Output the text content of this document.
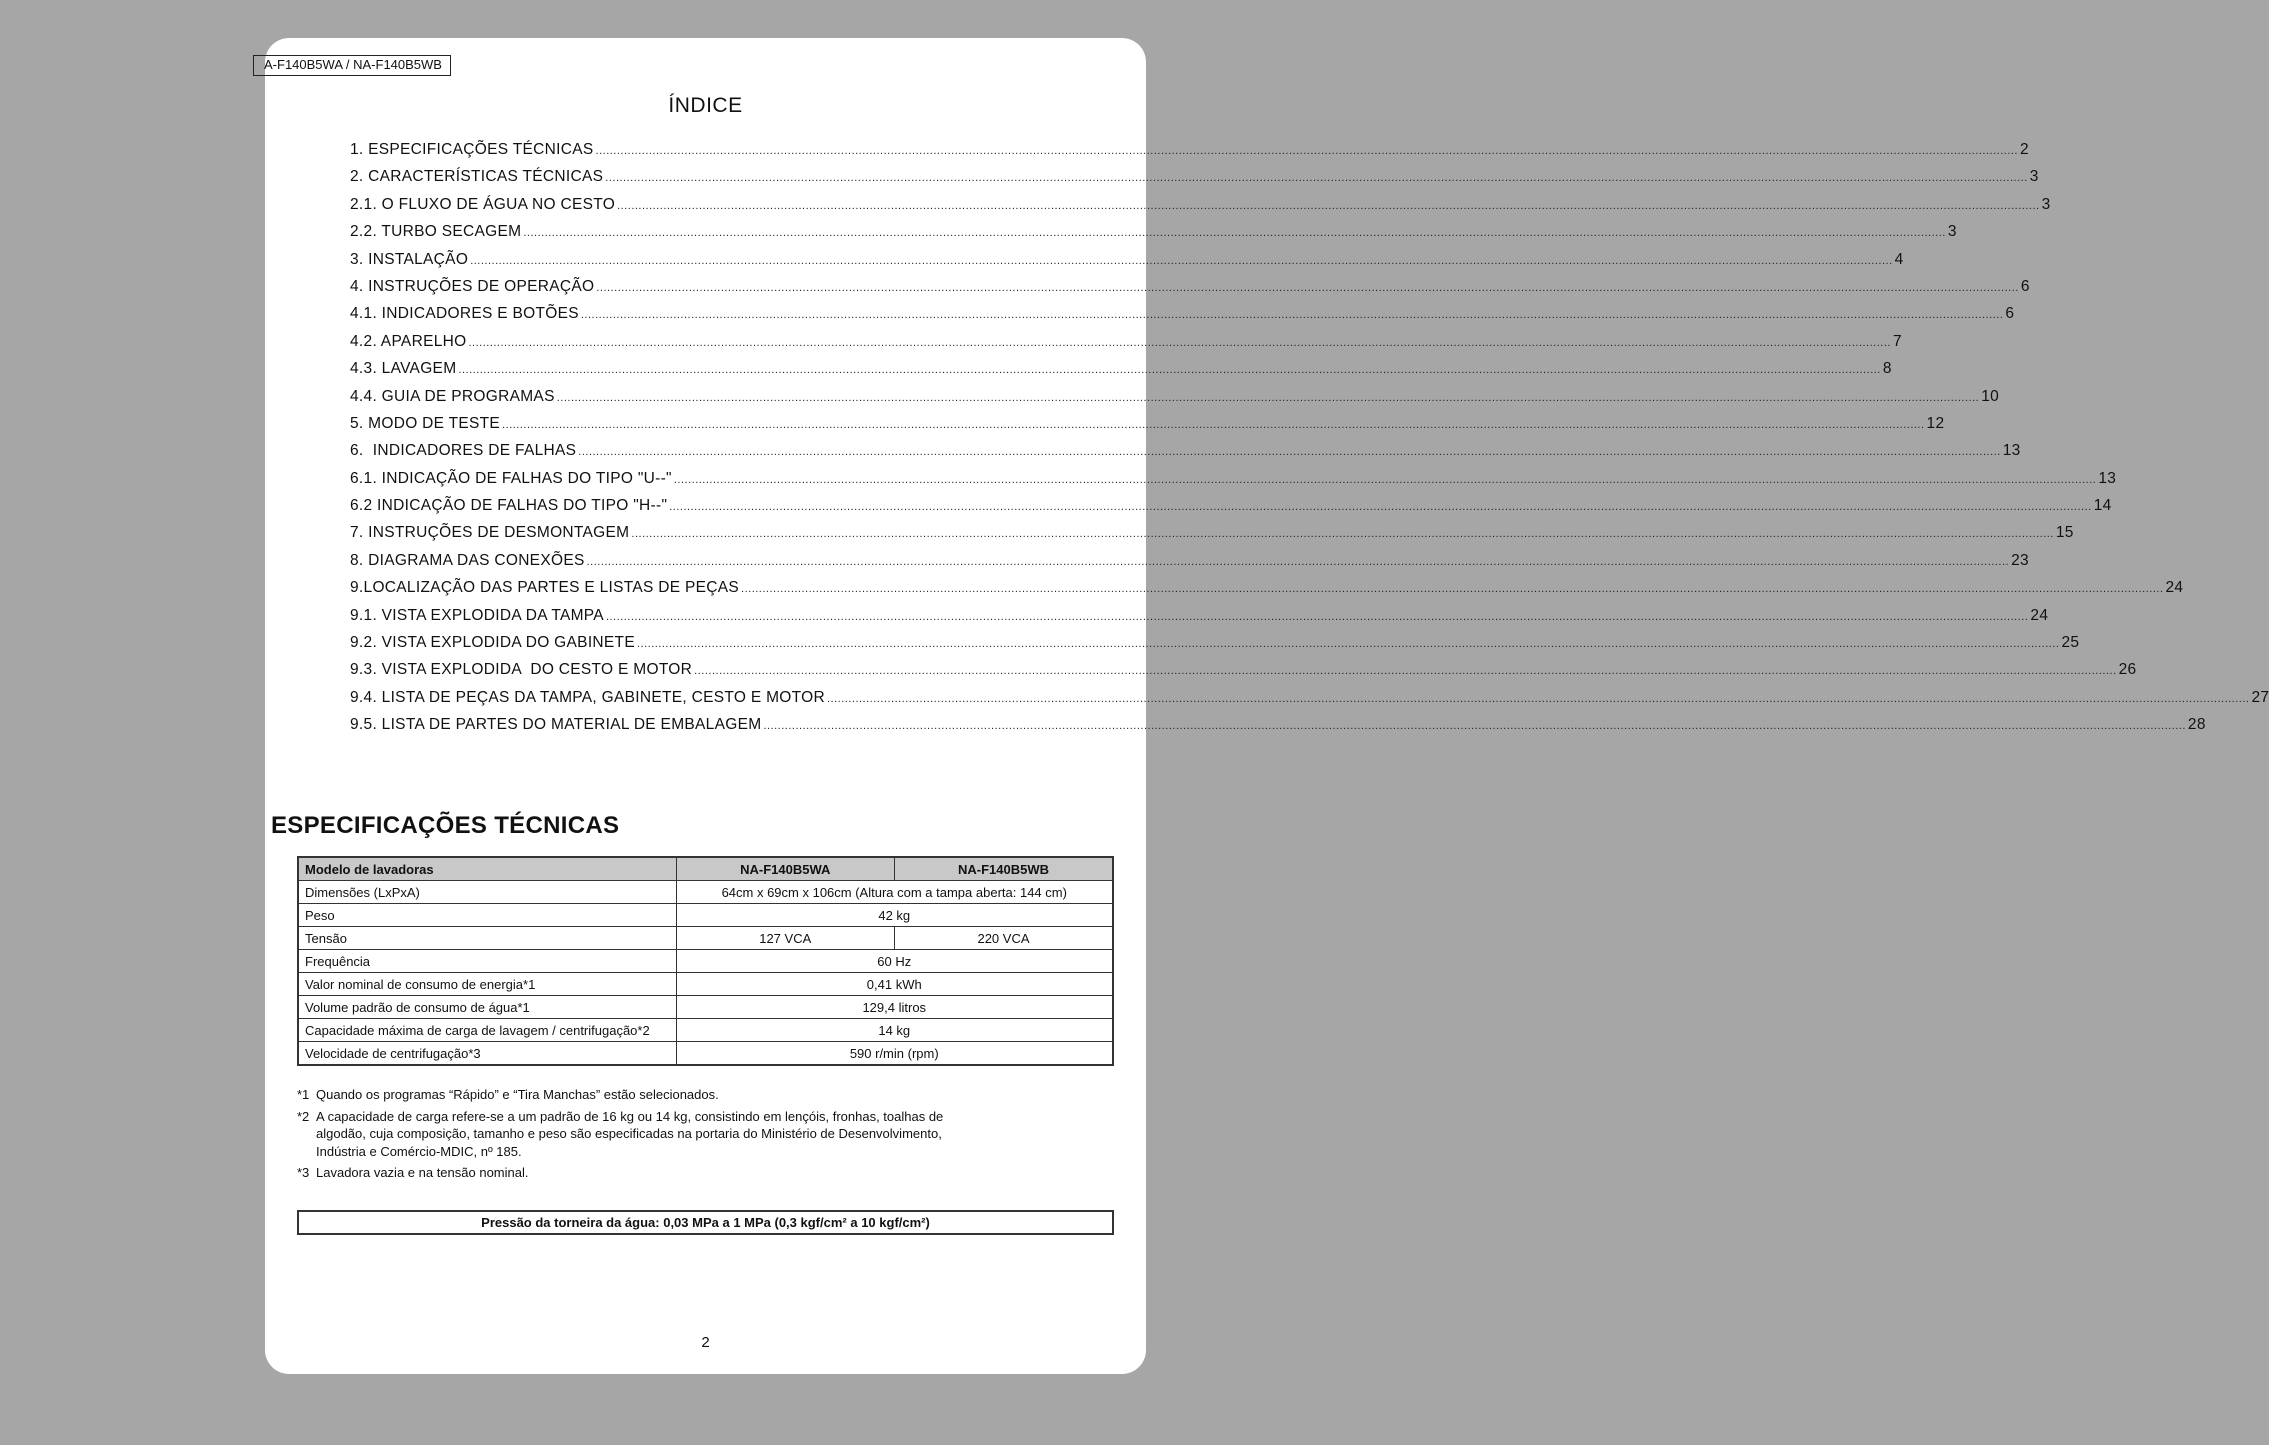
A-F140B5WA / NA-F140B5WB
ÍNDICE
1. ESPECIFICAÇÕES TÉCNICAS ................................................................................................................................................................................................................................................................................................................................................................................................................ 2
2. CARACTERÍSTICAS TÉCNICAS ................................................................................................................................................................................................................................................................................................................................................................................................................ 3
2.1. O FLUXO DE ÁGUA NO CESTO ................................................................................................................................................................................................................................................................................................................................................................................................................ 3
2.2. TURBO SECAGEM ................................................................................................................................................................................................................................................................................................................................................................................................................ 3
3. INSTALAÇÃO ................................................................................................................................................................................................................................................................................................................................................................................................................ 4
4. INSTRUÇÕES DE OPERAÇÃO ................................................................................................................................................................................................................................................................................................................................................................................................................ 6
4.1. INDICADORES E BOTÕES ................................................................................................................................................................................................................................................................................................................................................................................................................ 6
4.2. APARELHO ................................................................................................................................................................................................................................................................................................................................................................................................................ 7
4.3. LAVAGEM ................................................................................................................................................................................................................................................................................................................................................................................................................ 8
4.4. GUIA DE PROGRAMAS ................................................................................................................................................................................................................................................................................................................................................................................................................ 10
5. MODO DE TESTE ................................................................................................................................................................................................................................................................................................................................................................................................................ 12
6.  INDICADORES DE FALHAS ................................................................................................................................................................................................................................................................................................................................................................................................................ 13
6.1. INDICAÇÃO DE FALHAS DO TIPO "U--" ................................................................................................................................................................................................................................................................................................................................................................................................................ 13
6.2 INDICAÇÃO DE FALHAS DO TIPO "H--" ................................................................................................................................................................................................................................................................................................................................................................................................................ 14
7. INSTRUÇÕES DE DESMONTAGEM ................................................................................................................................................................................................................................................................................................................................................................................................................ 15
8. DIAGRAMA DAS CONEXÕES ................................................................................................................................................................................................................................................................................................................................................................................................................ 23
9.LOCALIZAÇÃO DAS PARTES E LISTAS DE PEÇAS ................................................................................................................................................................................................................................................................................................................................................................................................................ 24
9.1. VISTA EXPLODIDA DA TAMPA ................................................................................................................................................................................................................................................................................................................................................................................................................ 24
9.2. VISTA EXPLODIDA DO GABINETE ................................................................................................................................................................................................................................................................................................................................................................................................................ 25
9.3. VISTA EXPLODIDA  DO CESTO E MOTOR ................................................................................................................................................................................................................................................................................................................................................................................................................ 26
9.4. LISTA DE PEÇAS DA TAMPA, GABINETE, CESTO E MOTOR ................................................................................................................................................................................................................................................................................................................................................................................................................ 27
9.5. LISTA DE PARTES DO MATERIAL DE EMBALAGEM ................................................................................................................................................................................................................................................................................................................................................................................................................ 28
ESPECIFICAÇÕES TÉCNICAS
Modelo de lavadoras	NA-F140B5WA	NA-F140B5WB
Dimensões (LxPxA)	64cm x 69cm x 106cm (Altura com a tampa aberta: 144 cm)	
Peso	42 kg	
Tensão	127 VCA	220 VCA
Frequência	60 Hz	
Valor nominal de consumo de energia*1	0,41 kWh	
Volume padrão de consumo de água*1	129,4 litros	
Capacidade máxima de carga de lavagem / centrifugação*2	14 kg	
Velocidade de centrifugação*3	590 r/min (rpm)	
*1 Quando os programas “Rápido” e “Tira Manchas” estão selecionados.
*2 A capacidade de carga refere-se a um padrão de 16 kg ou 14 kg, consistindo em lençóis, fronhas, toalhas de algodão, cuja composição, tamanho e peso são especificadas na portaria do Ministério de Desenvolvimento, Indústria e Comércio-MDIC, nº 185.
*3 Lavadora vazia e na tensão nominal.
Pressão da torneira da água: 0,03 MPa a 1 MPa (0,3 kgf/cm² a 10 kgf/cm²)
2
